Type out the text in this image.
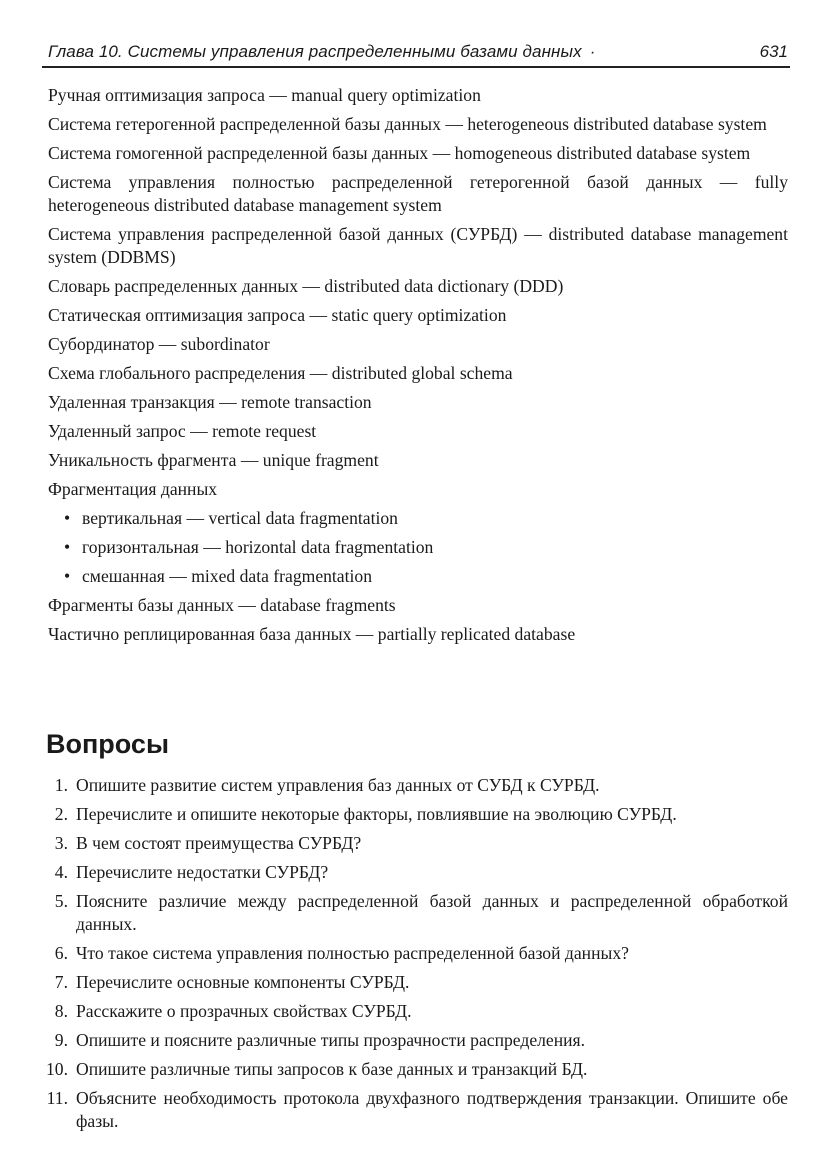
Глава 10. Системы управления распределенными базами данных ·	631

Ручная оптимизация запроса — manual query optimization

Система гетерогенной распределенной базы данных — heterogeneous distributed database system

Система гомогенной распределенной базы данных — homogeneous distributed database system

Система управления полностью распределенной гетерогенной базой данных — fully heterogeneous distributed database management system

Система управления распределенной базой данных (СУРБД) — distributed database management system (DDBMS)

Словарь распределенных данных — distributed data dictionary (DDD)

Статическая оптимизация запроса — static query optimization

Субординатор — subordinator

Схема глобального распределения — distributed global schema

Удаленная транзакция — remote transaction

Удаленный запрос — remote request

Уникальность фрагмента — unique fragment

Фрагментация данных

• вертикальная — vertical data fragmentation
• горизонтальная — horizontal data fragmentation
• смешанная — mixed data fragmentation

Фрагменты базы данных — database fragments

Частично реплицированная база данных — partially replicated database

Вопросы
1. Опишите развитие систем управления баз данных от СУБД к СУРБД.
2. Перечислите и опишите некоторые факторы, повлиявшие на эволюцию СУРБД.
3. В чем состоят преимущества СУРБД?
4. Перечислите недостатки СУРБД?
5. Поясните различие между распределенной базой данных и распределенной обработкой данных.
6. Что такое система управления полностью распределенной базой данных?
7. Перечислите основные компоненты СУРБД.
8. Расскажите о прозрачных свойствах СУРБД.
9. Опишите и поясните различные типы прозрачности распределения.
10. Опишите различные типы запросов к базе данных и транзакций БД.
11. Объясните необходимость протокола двухфазного подтверждения транзакции. Опишите обе фазы.
